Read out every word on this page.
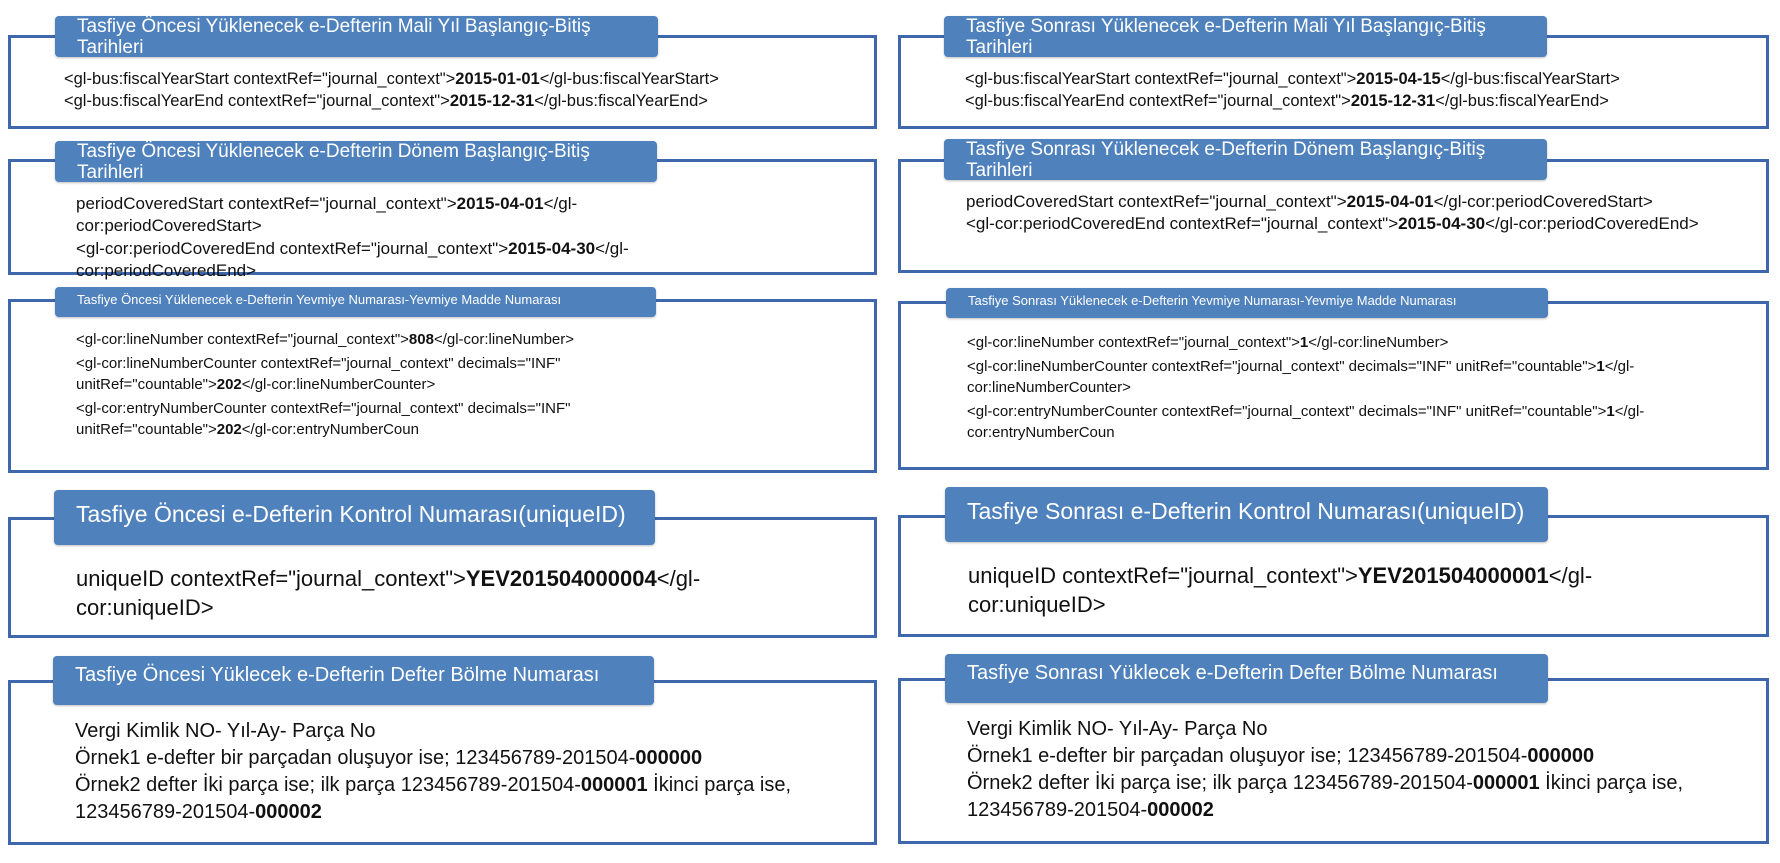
Tasfiye Öncesi Yüklenecek e-Defterin Mali Yıl Başlangıç-Bitiş Tarihleri

<gl-bus:fiscalYearStart contextRef="journal_context">2015-01-01</gl-bus:fiscalYearStart>

<gl-bus:fiscalYearEnd contextRef="journal_context">2015-12-31</gl-bus:fiscalYearEnd>

Tasfiye Öncesi Yüklenecek e-Defterin Dönem Başlangıç-Bitiş Tarihleri

periodCoveredStart contextRef="journal_context">2015-04-01</gl-cor:periodCoveredStart>

<gl-cor:periodCoveredEnd contextRef="journal_context">2015-04-30</gl-cor:periodCoveredEnd>

Tasfiye Öncesi Yüklenecek e-Defterin Yevmiye Numarası-Yevmiye Madde Numarası

<gl-cor:lineNumber contextRef="journal_context">808</gl-cor:lineNumber>

<gl-cor:lineNumberCounter contextRef="journal_context" decimals="INF" unitRef="countable">202</gl-cor:lineNumberCounter>

<gl-cor:entryNumberCounter contextRef="journal_context" decimals="INF" unitRef="countable">202</gl-cor:entryNumberCoun

Tasfiye Öncesi e-Defterin Kontrol Numarası(uniqueID)

uniqueID contextRef="journal_context">YEV201504000004</gl-cor:uniqueID>

Tasfiye Öncesi Yüklecek e-Defterin Defter Bölme Numarası

Vergi Kimlik NO- Yıl-Ay- Parça No

Örnek1 e-defter bir parçadan oluşuyor ise; 123456789-201504-000000

Örnek2 defter İki parça ise; ilk parça 123456789-201504-000001 İkinci parça ise, 123456789-201504-000002

Tasfiye Sonrası Yüklenecek e-Defterin Mali Yıl Başlangıç-Bitiş Tarihleri

<gl-bus:fiscalYearStart contextRef="journal_context">2015-04-15</gl-bus:fiscalYearStart>

<gl-bus:fiscalYearEnd contextRef="journal_context">2015-12-31</gl-bus:fiscalYearEnd>

Tasfiye Sonrası Yüklenecek e-Defterin Dönem Başlangıç-Bitiş Tarihleri

periodCoveredStart contextRef="journal_context">2015-04-01</gl-cor:periodCoveredStart>

<gl-cor:periodCoveredEnd contextRef="journal_context">2015-04-30</gl-cor:periodCoveredEnd>

Tasfiye Sonrası Yüklenecek e-Defterin Yevmiye Numarası-Yevmiye Madde Numarası

<gl-cor:lineNumber contextRef="journal_context">1</gl-cor:lineNumber>

<gl-cor:lineNumberCounter contextRef="journal_context" decimals="INF" unitRef="countable">1</gl-cor:lineNumberCounter>

<gl-cor:entryNumberCounter contextRef="journal_context" decimals="INF" unitRef="countable">1</gl-cor:entryNumberCoun

Tasfiye Sonrası e-Defterin Kontrol Numarası(uniqueID)

uniqueID contextRef="journal_context">YEV201504000001</gl-cor:uniqueID>

Tasfiye Sonrası Yüklecek e-Defterin Defter Bölme Numarası

Vergi Kimlik NO- Yıl-Ay- Parça No

Örnek1 e-defter bir parçadan oluşuyor ise; 123456789-201504-000000

Örnek2 defter İki parça ise; ilk parça 123456789-201504-000001 İkinci parça ise, 123456789-201504-000002
